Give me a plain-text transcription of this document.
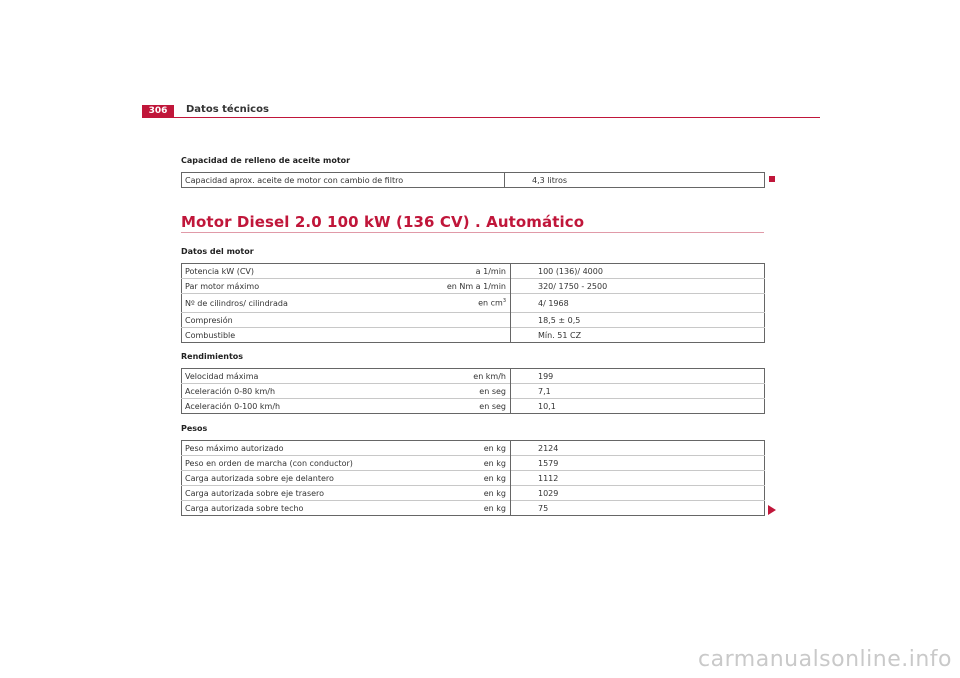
306	Datos técnicos
Capacidad de relleno de aceite motor
Capacidad aprox. aceite de motor con cambio de filtro	4,3 litros
Motor Diesel 2.0 100 kW (136 CV) . Automático
Datos del motor
Potencia kW (CV)	a 1/min	100 (136)/ 4000
Par motor máximo	en Nm a 1/min	320/ 1750 - 2500
Nº de cilindros/ cilindrada	en $cm^3$	4/ 1968
Compresión		18,5 ± 0,5
Combustible		Mín. 51 CZ
Rendimientos
Velocidad máxima	en km/h	199
Aceleración 0-80 km/h	en seg	7,1
Aceleración 0-100 km/h	en seg	10,1
Pesos
Peso máximo autorizado	en kg	2124
Peso en orden de marcha (con conductor)	en kg	1579
Carga autorizada sobre eje delantero	en kg	1112
Carga autorizada sobre eje trasero	en kg	1029
Carga autorizada sobre techo	en kg	75
carmanualsonline.info
